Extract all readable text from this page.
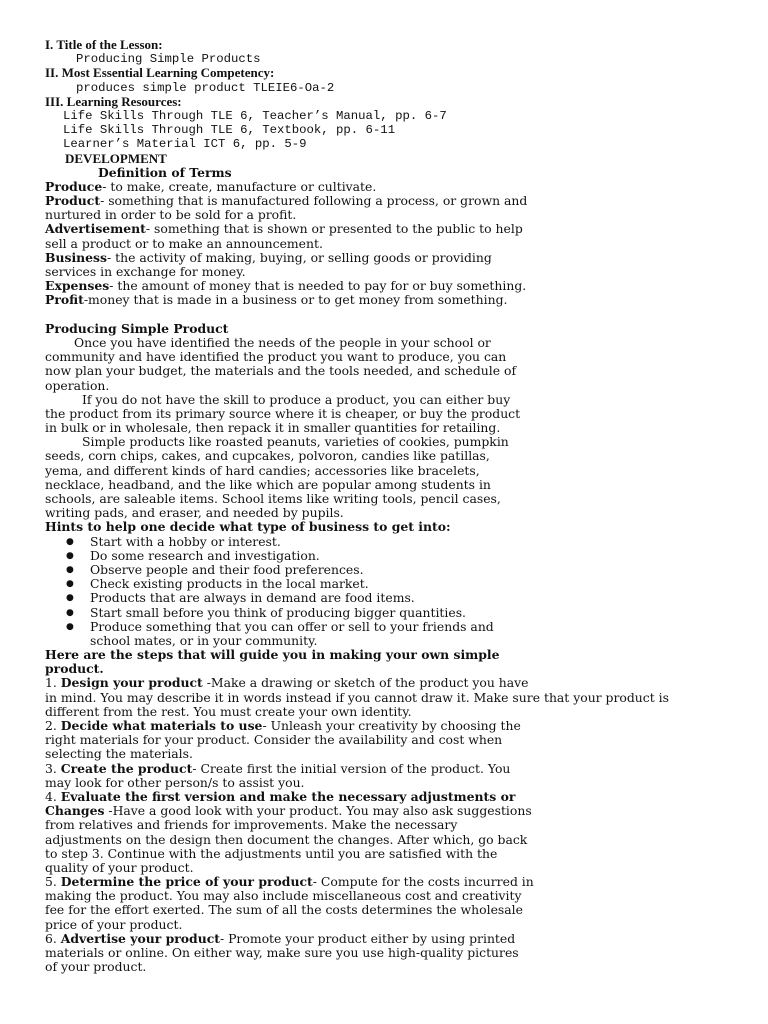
I. Title of the Lesson:
Producing Simple Products
II. Most Essential Learning Competency:
produces simple product TLEIE6-Oa-2
III. Learning Resources:
Life Skills Through TLE 6, Teacher’s Manual, pp. 6-7
Life Skills Through TLE 6, Textbook, pp. 6-11
Learner’s Material ICT 6, pp. 5-9
DEVELOPMENT
Definition of Terms
Produce- to make, create, manufacture or cultivate.
Product- something that is manufactured following a process, or grown and
nurtured in order to be sold for a profit.
Advertisement- something that is shown or presented to the public to help
sell a product or to make an announcement.
Business- the activity of making, buying, or selling goods or providing
services in exchange for money.
Expenses- the amount of money that is needed to pay for or buy something.
Profit-money that is made in a business or to get money from something.
Producing Simple Product
Once you have identified the needs of the people in your school or
community and have identified the product you want to produce, you can
now plan your budget, the materials and the tools needed, and schedule of
operation.
If you do not have the skill to produce a product, you can either buy
the product from its primary source where it is cheaper, or buy the product
in bulk or in wholesale, then repack it in smaller quantities for retailing.
Simple products like roasted peanuts, varieties of cookies, pumpkin
seeds, corn chips, cakes, and cupcakes, polvoron, candies like patillas,
yema, and different kinds of hard candies; accessories like bracelets,
necklace, headband, and the like which are popular among students in
schools, are saleable items. School items like writing tools, pencil cases,
writing pads, and eraser, and needed by pupils.
Hints to help one decide what type of business to get into:
●	Start with a hobby or interest.
●	Do some research and investigation.
●	Observe people and their food preferences.
●	Check existing products in the local market.
●	Products that are always in demand are food items.
●	Start small before you think of producing bigger quantities.
●	Produce something that you can offer or sell to your friends and
school mates, or in your community.
Here are the steps that will guide you in making your own simple
product.
1. Design your product -Make a drawing or sketch of the product you have
in mind. You may describe it in words instead if you cannot draw it. Make sure that your product is
different from the rest. You must create your own identity.
2. Decide what materials to use- Unleash your creativity by choosing the
right materials for your product. Consider the availability and cost when
selecting the materials.
3. Create the product- Create first the initial version of the product. You
may look for other person/s to assist you.
4. Evaluate the first version and make the necessary adjustments or
Changes -Have a good look with your product. You may also ask suggestions
from relatives and friends for improvements. Make the necessary
adjustments on the design then document the changes. After which, go back
to step 3. Continue with the adjustments until you are satisfied with the
quality of your product.
5. Determine the price of your product- Compute for the costs incurred in
making the product. You may also include miscellaneous cost and creativity
fee for the effort exerted. The sum of all the costs determines the wholesale
price of your product.
6. Advertise your product- Promote your product either by using printed
materials or online. On either way, make sure you use high-quality pictures
of your product.
